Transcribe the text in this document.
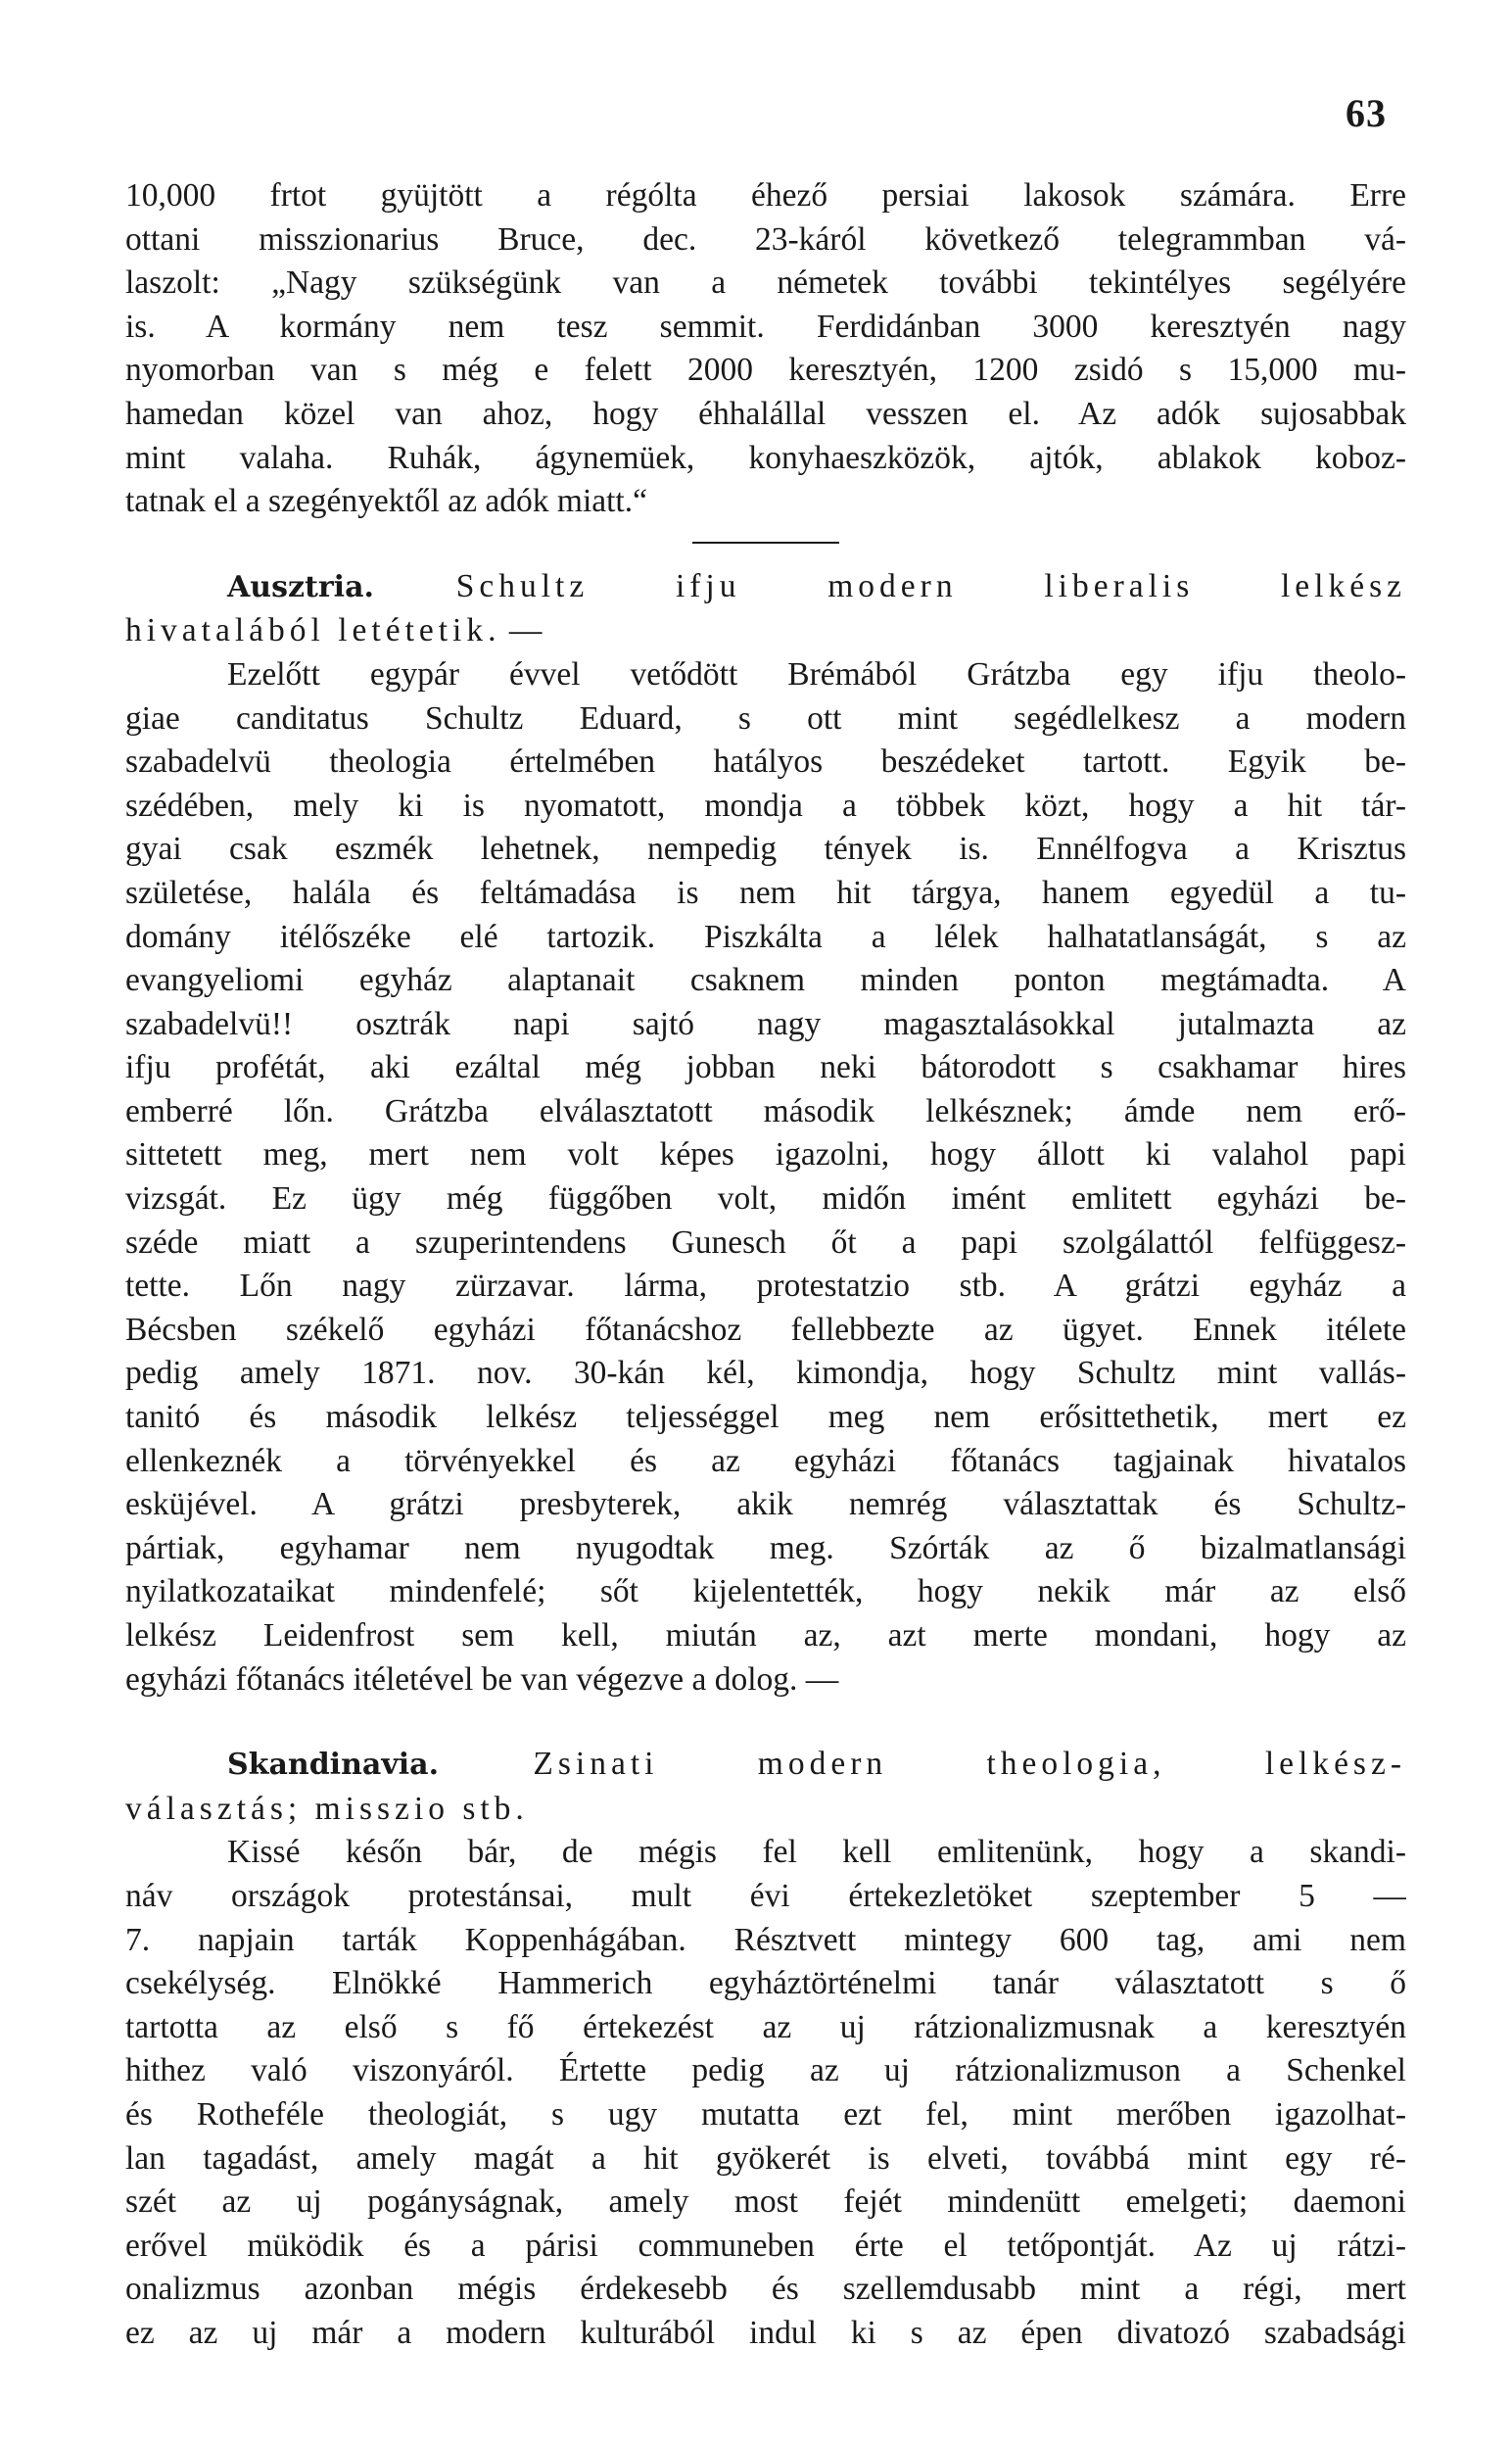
63
10,000 frtot gyüjtött a régólta éhező persiai lakosok számára. Erre
ottani misszionarius Bruce, dec. 23-káról következő telegrammban vá-
laszolt: „Nagy szükségünk van a németek további tekintélyes segélyére
is. A kormány nem tesz semmit. Ferdidánban 3000 keresztyén nagy
nyomorban van s még e felett 2000 keresztyén, 1200 zsidó s 15,000 mu-
hamedan közel van ahoz, hogy éhhalállal vesszen el. Az adók sujosabbak
mint valaha. Ruhák, ágynemüek, konyhaeszközök, ajtók, ablakok koboz-
tatnak el a szegényektől az adók miatt.“
Ausztria.	Schultz ifju modern liberalis lelkész
hivatalából letétetik. —
Ezelőtt egypár évvel vetődött Brémából Grátzba egy ifju theolo-
giae canditatus Schultz Eduard, s ott mint segédlelkesz a modern
szabadelvü theologia értelmében hatályos beszédeket tartott. Egyik be-
szédében, mely ki is nyomatott, mondja a többek közt, hogy a hit tár-
gyai csak eszmék lehetnek, nempedig tények is. Ennélfogva a Krisztus
születése, halála és feltámadása is nem hit tárgya, hanem egyedül a tu-
domány itélőszéke elé tartozik. Piszkálta a lélek halhatatlanságát, s az
evangyeliomi egyház alaptanait csaknem minden ponton megtámadta. A
szabadelvü!! osztrák napi sajtó nagy magasztalásokkal jutalmazta az
ifju profétát, aki ezáltal még jobban neki bátorodott s csakhamar hires
emberré lőn. Grátzba elválasztatott második lelkésznek; ámde nem erő-
sittetett meg, mert nem volt képes igazolni, hogy állott ki valahol papi
vizsgát. Ez ügy még függőben volt, midőn imént emlitett egyházi be-
széde miatt a szuperintendens Gunesch őt a papi szolgálattól felfüggesz-
tette. Lőn nagy zürzavar. lárma, protestatzio stb. A grátzi egyház a
Bécsben székelő egyházi főtanácshoz fellebbezte az ügyet. Ennek itélete
pedig amely 1871. nov. 30-kán kél, kimondja, hogy Schultz mint vallás-
tanitó és második lelkész teljességgel meg nem erősittethetik, mert ez
ellenkeznék a törvényekkel és az egyházi főtanács tagjainak hivatalos
esküjével. A grátzi presbyterek, akik nemrég választattak és Schultz-
pártiak, egyhamar nem nyugodtak meg. Szórták az ő bizalmatlansági
nyilatkozataikat mindenfelé; sőt kijelentették, hogy nekik már az első
lelkész Leidenfrost sem kell, miután az, azt merte mondani, hogy az
egyházi főtanács itéletével be van végezve a dolog. —
Skandinavia.	Zsinati modern theologia, lelkész-
választás; misszio stb.
Kissé későn bár, de mégis fel kell emlitenünk, hogy a skandi-
náv országok protestánsai, mult évi értekezletöket szeptember 5 —
7. napjain tarták Koppenhágában. Résztvett mintegy 600 tag, ami nem
csekélység. Elnökké Hammerich egyháztörténelmi tanár választatott s ő
tartotta az első s fő értekezést az uj rátzionalizmusnak a keresztyén
hithez való viszonyáról. Értette pedig az uj rátzionalizmuson a Schenkel
és Rotheféle theologiát, s ugy mutatta ezt fel, mint merőben igazolhat-
lan tagadást, amely magát a hit gyökerét is elveti, továbbá mint egy ré-
szét az uj pogányságnak, amely most fejét mindenütt emelgeti; daemoni
erővel müködik és a párisi communeben érte el tetőpontját. Az uj rátzi-
onalizmus azonban mégis érdekesebb és szellemdusabb mint a régi, mert
ez az uj már a modern kulturából indul ki s az épen divatozó szabadsági
